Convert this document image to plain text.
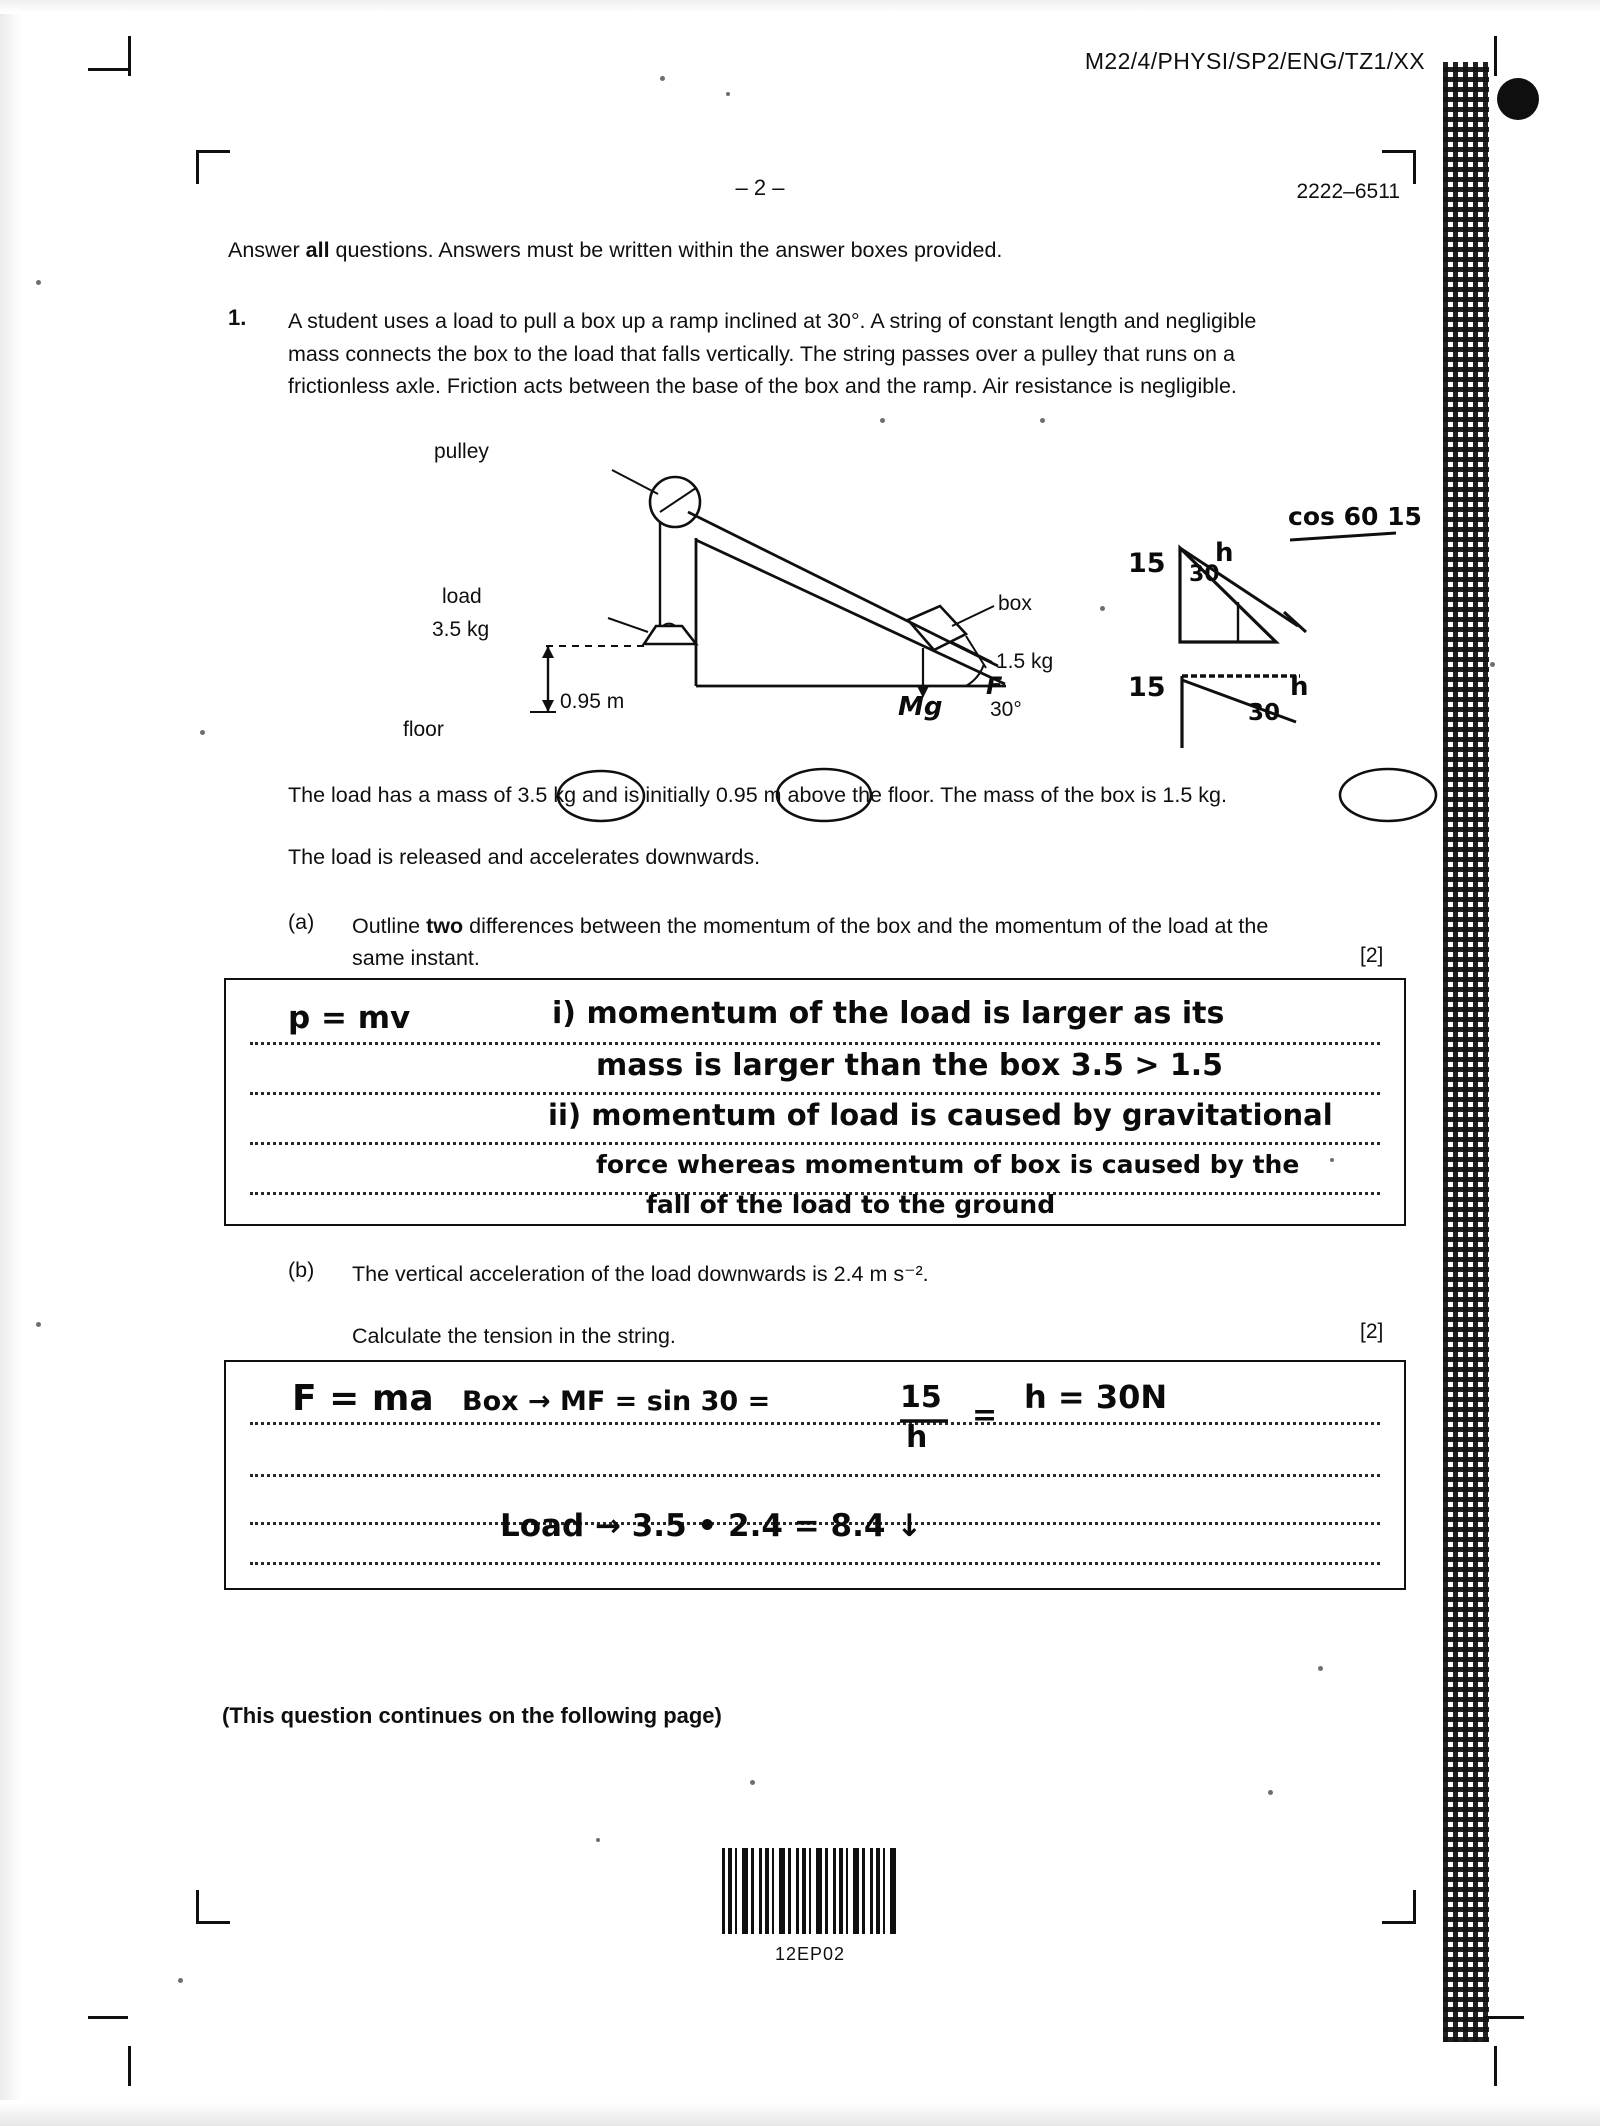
M22/4/PHYSI/SP2/ENG/TZ1/XX
– 2 –	2222–6511
Answer all questions. Answers must be written within the answer boxes provided.
1. A student uses a load to pull a box up a ramp inclined at 30°. A string of constant length and negligible mass connects the box to the load that falls vertically. The string passes over a pulley that runs on a frictionless axle. Friction acts between the base of the box and the ramp. Air resistance is negligible.
pulley
load
3.5 kg
0.95 m
floor
box
1.5 kg
30°
Mg
F
cos 60 15
15 h
30
15	h
30
The load has a mass of 3.5 kg and is initially 0.95 m above the floor. The mass of the box is 1.5 kg.
The load is released and accelerates downwards.
(a) Outline two differences between the momentum of the box and the momentum of the load at the same instant.	[2]
p = mv	i) momentum of the load is larger as its
mass is larger than the box 3.5 > 1.5
ii) momentum of load is caused by gravitational
force whereas momentum of box is caused by the
fall of the load to the ground
(b) The vertical acceleration of the load downwards is 2.4 m s⁻².
Calculate the tension in the string.	[2]
F = ma Box → MF = sin 30 =	15
h
= h = 30N
Load → 3.5 • 2.4 = 8.4 ↓
(This question continues on the following page)
12EP02
